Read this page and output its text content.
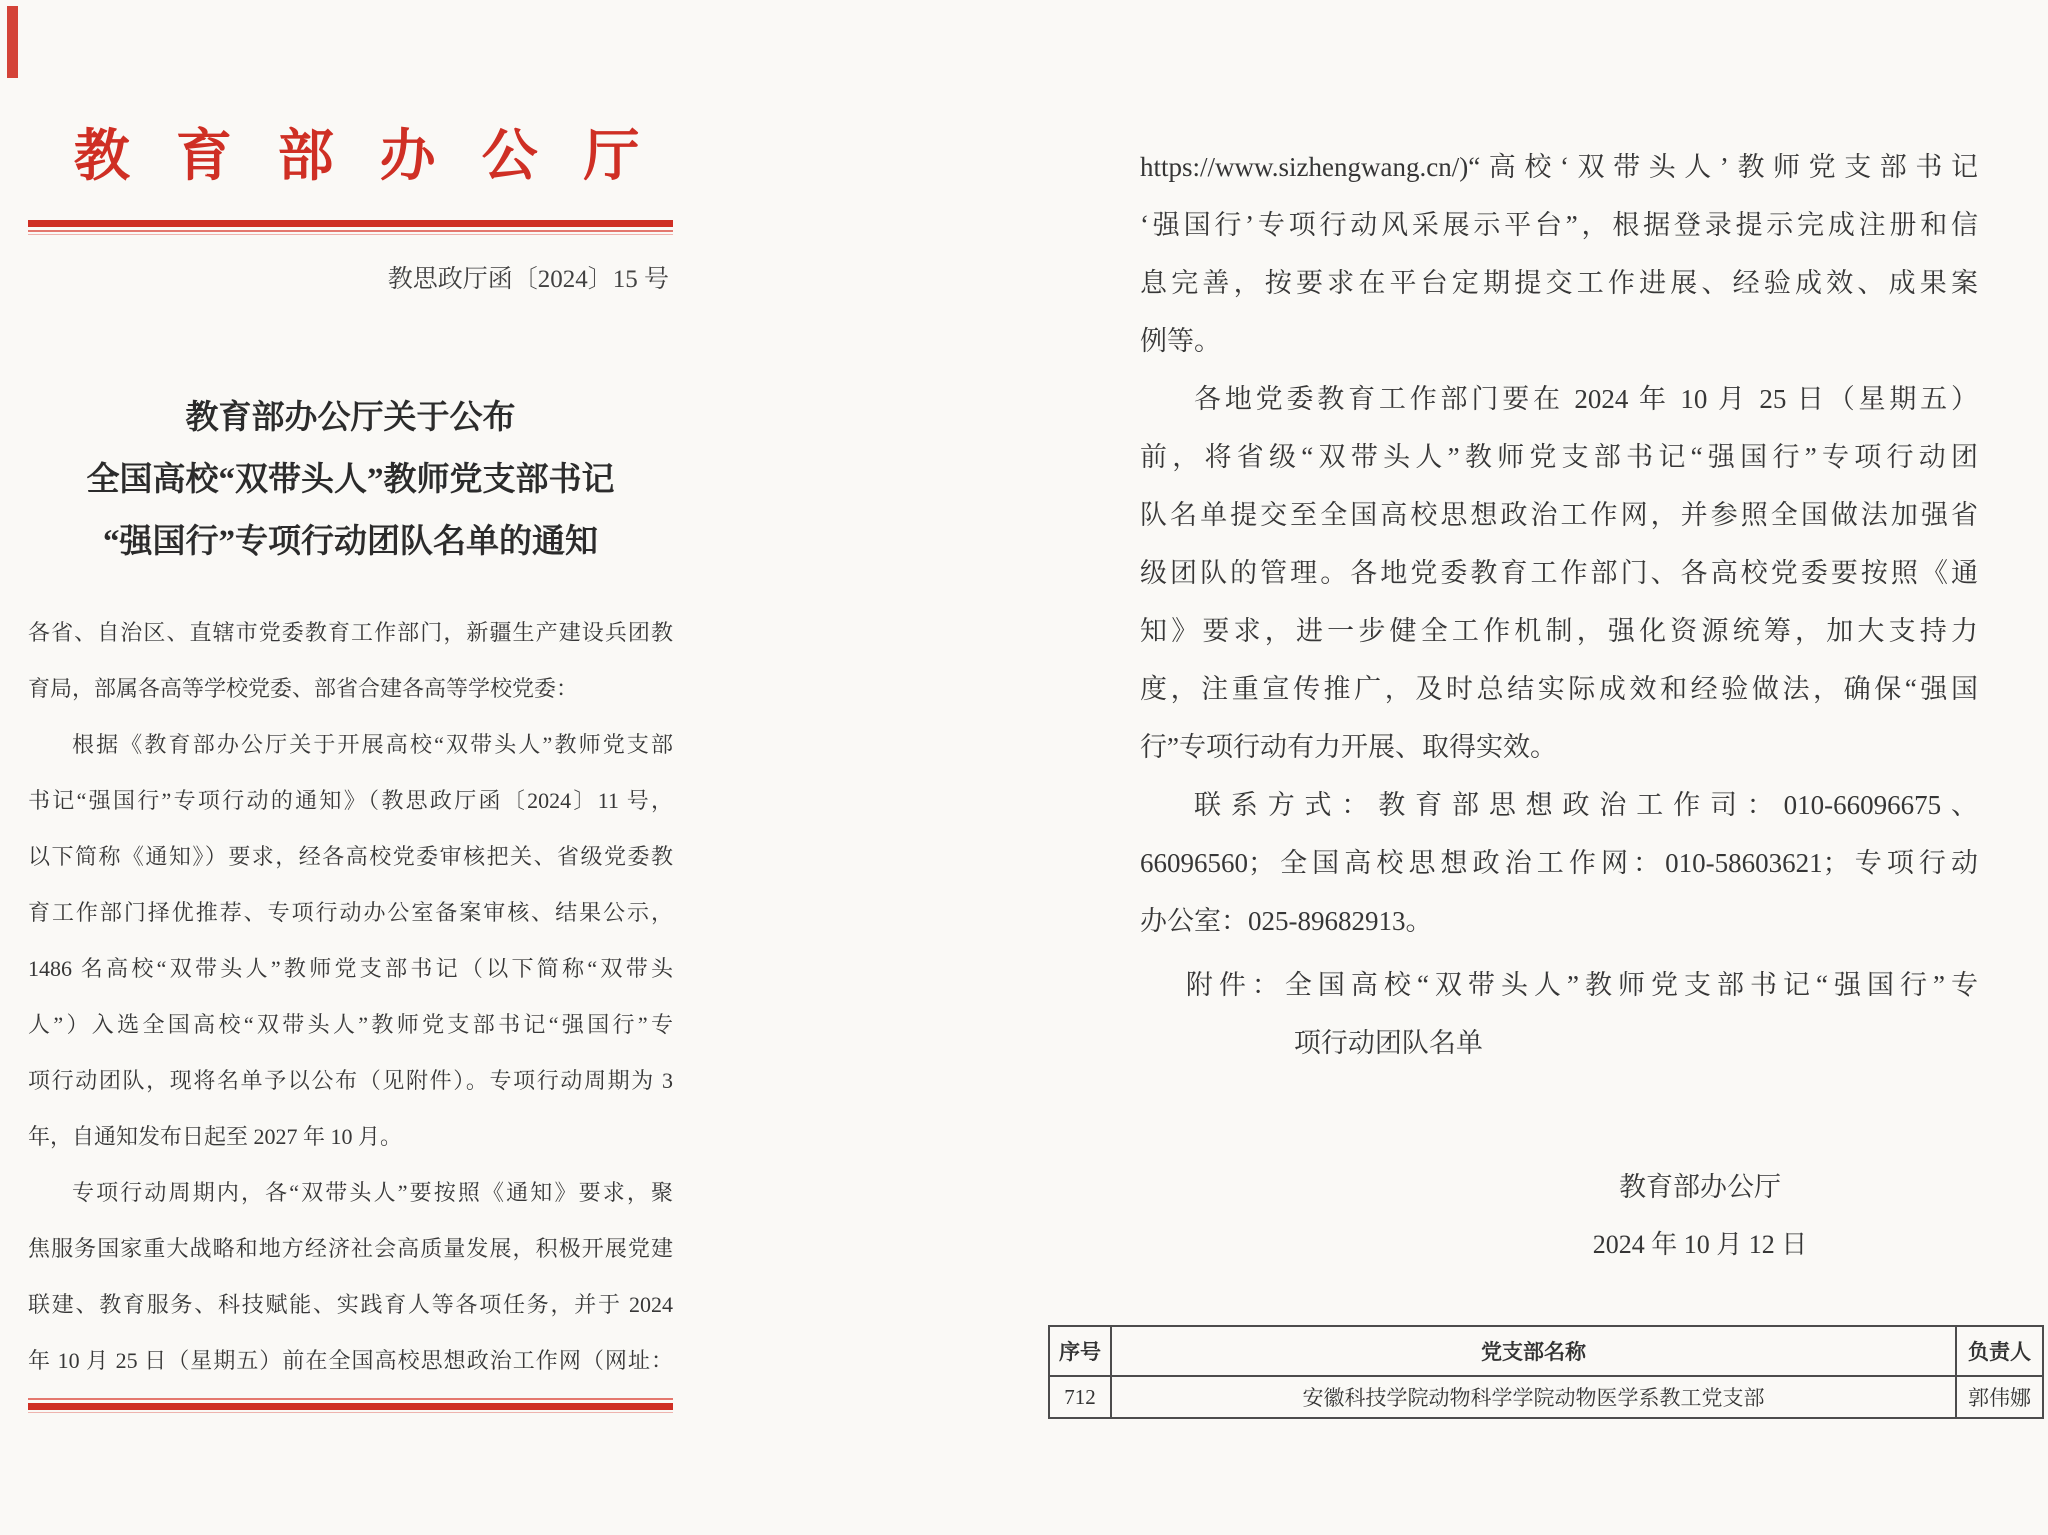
教育部办公厅
教思政厅函〔2024〕15 号
教育部办公厅关于公布
全国高校“双带头人”教师党支部书记
“强国行”专项行动团队名单的通知
各省、自治区、直辖市党委教育工作部门，新疆生产建设兵团教
育局，部属各高等学校党委、部省合建各高等学校党委：
根据《教育部办公厅关于开展高校“双带头人”教师党支部
书记“强国行”专项行动的通知》（教思政厅函〔2024〕11 号，
以下简称《通知》）要求，经各高校党委审核把关、省级党委教
育工作部门择优推荐、专项行动办公室备案审核、结果公示，
1486 名高校“双带头人”教师党支部书记（以下简称“双带头
人”）入选全国高校“双带头人”教师党支部书记“强国行”专
项行动团队，现将名单予以公布（见附件）。专项行动周期为 3
年，自通知发布日起至 2027 年 10 月。
专项行动周期内，各“双带头人”要按照《通知》要求，聚
焦服务国家重大战略和地方经济社会高质量发展，积极开展党建
联建、教育服务、科技赋能、实践育人等各项任务，并于 2024
年 10 月 25 日（星期五）前在全国高校思想政治工作网（网址：
https://www.sizhengwang.cn/)“高校‘双带头人’教师党支部书记
‘强国行’专项行动风采展示平台”，根据登录提示完成注册和信
息完善，按要求在平台定期提交工作进展、经验成效、成果案
例等。
各地党委教育工作部门要在 2024 年 10 月 25 日（星期五）
前，将省级“双带头人”教师党支部书记“强国行”专项行动团
队名单提交至全国高校思想政治工作网，并参照全国做法加强省
级团队的管理。各地党委教育工作部门、各高校党委要按照《通
知》要求，进一步健全工作机制，强化资源统筹，加大支持力
度，注重宣传推广，及时总结实际成效和经验做法，确保“强国
行”专项行动有力开展、取得实效。
联系方式：教育部思想政治工作司：010-66096675、
66096560；全国高校思想政治工作网：010-58603621；专项行动
办公室：025-89682913。
附件：全国高校“双带头人”教师党支部书记“强国行”专
项行动团队名单
教育部办公厅
2024 年 10 月 12 日
序号	党支部名称	负责人
712	安徽科技学院动物科学学院动物医学系教工党支部	郭伟娜
